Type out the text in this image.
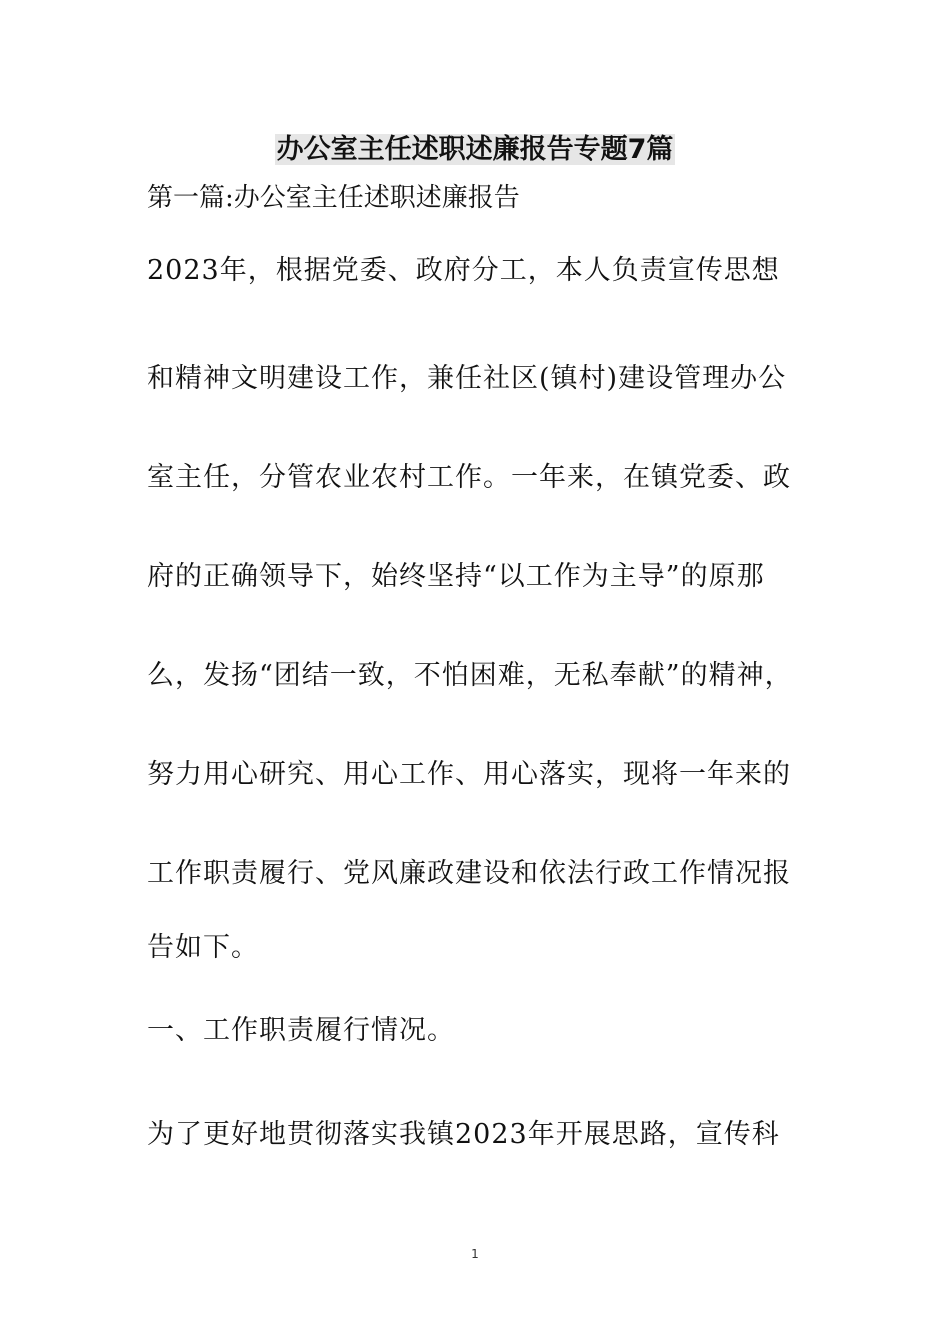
办公室主任述职述廉报告专题7篇
第一篇:办公室主任述职述廉报告
2023年，根据党委、政府分工，本人负责宣传思想
和精神文明建设工作，兼任社区(镇村)建设管理办公
室主任，分管农业农村工作。一年来，在镇党委、政
府的正确领导下，始终坚持“以工作为主导”的原那
么，发扬“团结一致，不怕困难，无私奉献”的精神，
努力用心研究、用心工作、用心落实，现将一年来的
工作职责履行、党风廉政建设和依法行政工作情况报
告如下。
一、工作职责履行情况。
为了更好地贯彻落实我镇2023年开展思路，宣传科
1
